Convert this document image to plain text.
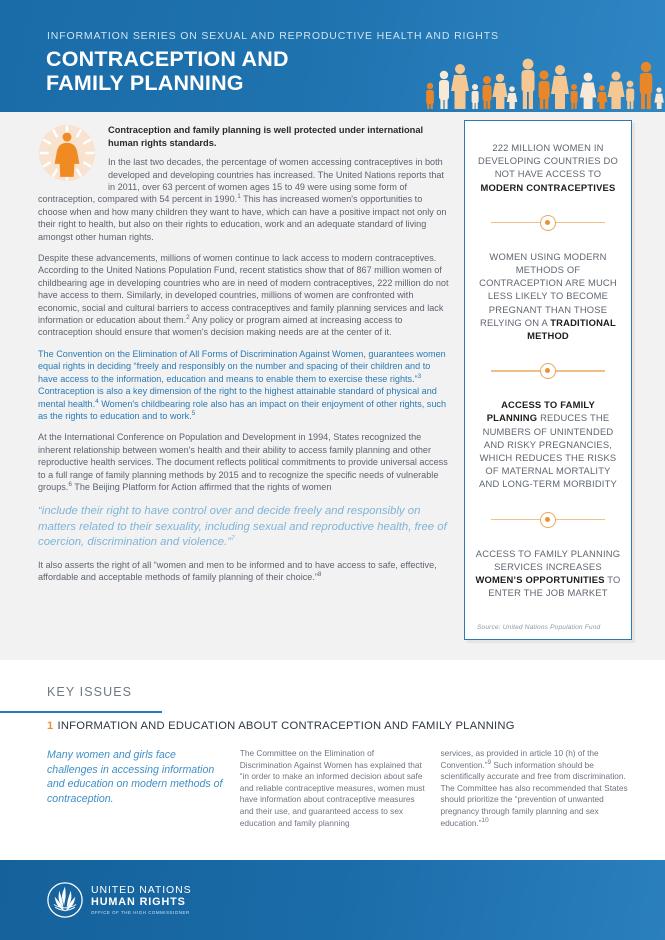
INFORMATION SERIES ON SEXUAL AND REPRODUCTIVE HEALTH AND RIGHTS
CONTRACEPTION AND
FAMILY PLANNING
Contraception and family planning is well protected under international human rights standards.

In the last two decades, the percentage of women accessing contraceptives in both developed and developing countries has increased. The United Nations reports that in 2011, over 63 percent of women ages 15 to 49 were using some form of contraception, compared with 54 percent in 1990.$^1$ This has increased women's opportunities to choose when and how many children they want to have, which can have a positive impact not only on their right to health, but also on their rights to education, work and an adequate standard of living amongst other human rights.

Despite these advancements, millions of women continue to lack access to modern contraceptives. According to the United Nations Population Fund, recent statistics show that of 867 million women of childbearing age in developing countries who are in need of modern contraceptives, 222 million do not have access to them. Similarly, in developed countries, millions of women are confronted with economic, social and cultural barriers to access contraceptives and family planning services and lack information or education about them.$^2$ Any policy or program aimed at increasing access to contraception should ensure that women's decision making needs are at the center of it.

The Convention on the Elimination of All Forms of Discrimination Against Women, guarantees women equal rights in deciding “freely and responsibly on the number and spacing of their children and to have access to the information, education and means to enable them to exercise these rights.”$^3$ Contraception is also a key dimension of the right to the highest attainable standard of physical and mental health.$^4$ Women's childbearing role also has an impact on their enjoyment of other rights, such as the rights to education and to work.$^5$

At the International Conference on Population and Development in 1994, States recognized the inherent relationship between women's health and their ability to access family planning and other reproductive health services. The document reflects political commitments to provide universal access to a full range of family planning methods by 2015 and to recognize the specific needs of vulnerable groups.$^6$ The Beijing Platform for Action affirmed that the rights of women

“include their right to have control over and decide freely and responsibly on matters related to their sexuality, including sexual and reproductive health, free of coercion, discrimination and violence.”$^7$

It also asserts the right of all “women and men to be informed and to have access to safe, effective, affordable and acceptable methods of family planning of their choice.”$^8$

222 MILLION WOMEN IN DEVELOPING COUNTRIES DO NOT HAVE ACCESS TO MODERN CONTRACEPTIVES
WOMEN USING MODERN METHODS OF CONTRACEPTION ARE MUCH LESS LIKELY TO BECOME PREGNANT THAN THOSE RELYING ON A TRADITIONAL METHOD
ACCESS TO FAMILY PLANNING REDUCES THE NUMBERS OF UNINTENDED AND RISKY PREGNANCIES, WHICH REDUCES THE RISKS OF MATERNAL MORTALITY AND LONG-TERM MORBIDITY
ACCESS TO FAMILY PLANNING SERVICES INCREASES WOMEN’S OPPORTUNITIES TO ENTER THE JOB MARKET
Source: United Nations Population Fund
KEY ISSUES
1 INFORMATION AND EDUCATION ABOUT CONTRACEPTION AND FAMILY PLANNING
Many women and girls face challenges in accessing information and education on modern methods of contraception.
The Committee on the Elimination of Discrimination Against Women has explained that “in order to make an informed decision about safe and reliable contraceptive measures, women must have information about contraceptive measures and their use, and guaranteed access to sex education and family planning
services, as provided in article 10 (h) of the Convention.”$^9$ Such information should be scientifically accurate and free from discrimination. The Committee has also recommended that States should prioritize the “prevention of unwanted pregnancy through family planning and sex education.”$^{10}$
UNITED NATIONS
HUMAN RIGHTS
OFFICE OF THE HIGH COMMISSIONER
